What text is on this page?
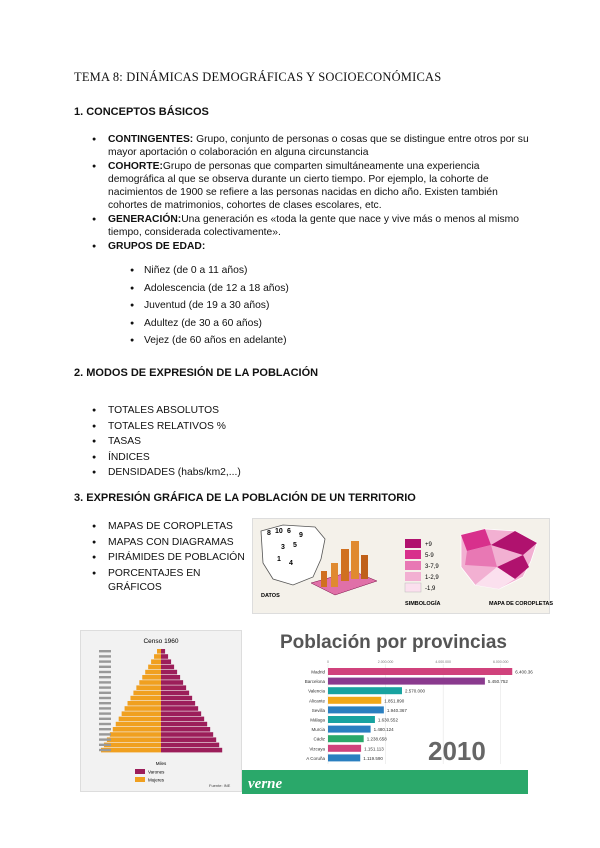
TEMA 8: DINÁMICAS DEMOGRÁFICAS Y SOCIOECONÓMICAS
1. CONCEPTOS BÁSICOS
● CONTINGENTES: Grupo, conjunto de personas o cosas que se distingue entre otros por su mayor aportación o colaboración en alguna circunstancia
● COHORTE:Grupo de personas que comparten simultáneamente una experiencia demográfica al que se observa durante un cierto tiempo. Por ejemplo, la cohorte de nacimientos de 1900 se refiere a las personas nacidas en dicho año. Existen también cohortes de matrimonios, cohortes de clases escolares, etc.
● GENERACIÓN:Una generación es «toda la gente que nace y vive más o menos al mismo tiempo, considerada colectivamente».
● GRUPOS DE EDAD:
● Niñez (de 0 a 11 años)
● Adolescencia (de 12 a 18 años)
● Juventud (de 19 a 30 años)
● Adultez (de 30 a 60 años)
● Vejez (de 60 años en adelante)
2. MODOS DE EXPRESIÓN DE LA POBLACIÓN
● TOTALES ABSOLUTOS
● TOTALES RELATIVOS %
● TASAS
● ÍNDICES
● DENSIDADES (habs/km2,...)
3. EXPRESIÓN GRÁFICA DE LA POBLACIÓN DE UN TERRITORIO
● MAPAS DE COROPLETAS
● MAPAS CON DIAGRAMAS
● PIRÁMIDES DE POBLACIÓN
● PORCENTAJES EN GRÁFICOS
8 10 6
9
3 5
1
4
+9
5-9
3-7,9
1-2,9
-1,9
DATOS
SIMBOLOGÍA	MAPA DE COROPLETAS
Censo 1960
Varones
Mujeres
Miles
Fuente: INE
Población por provincias
0	2.000.000	4.000.000	6.000.000
Madrid	6.400.36
Barcelona	5.450.752
Valencia	2.570.000
Alicante	1.851.890
Sevilla	1.940.367
Málaga	1.630.552
Murcia	1.480.124
Cádiz	1.238.658
Vizcaya	1.151.113
A Coruña	1.119.590 2010
verne
